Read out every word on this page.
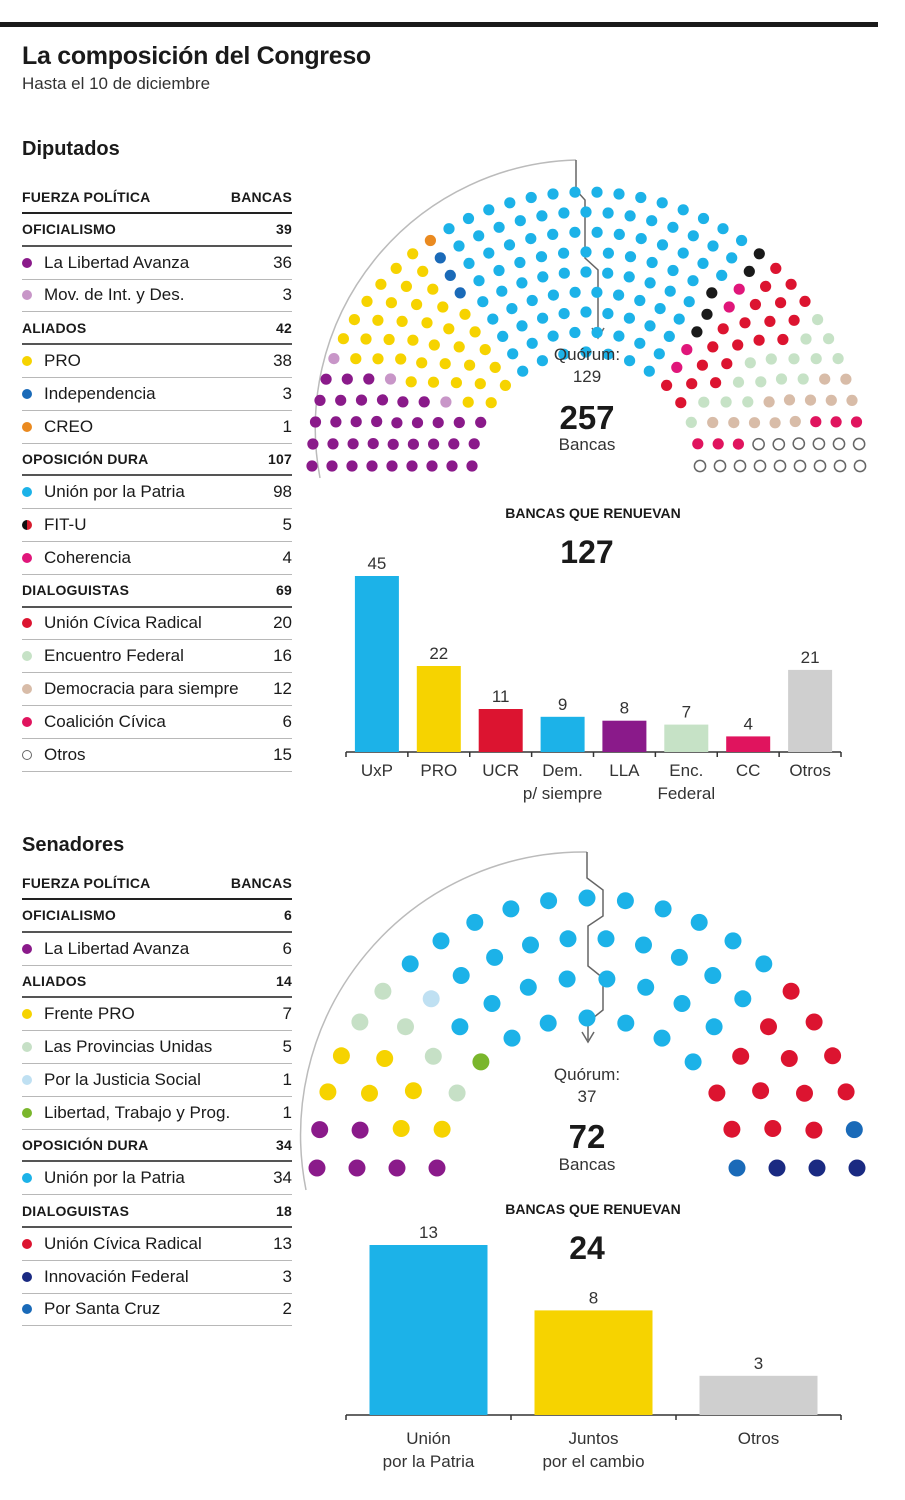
La composición del Congreso
Hasta el 10 de diciembre
Diputados
FUERZA POLÍTICA	BANCAS
OFICIALISMO	39
La Libertad Avanza	36
Mov. de Int. y Des.	3
ALIADOS	42
PRO	38
Independencia	3
CREO	1
OPOSICIÓN DURA	107
Unión por la Patria	98
FIT-U	5
Coherencia	4
DIALOGUISTAS	69
Unión Cívica Radical	20
Encuentro Federal	16
Democracia para siempre 12
Coalición Cívica	6
Otros	15
Senadores
FUERZA POLÍTICA	BANCAS
OFICIALISMO	6
La Libertad Avanza	6
ALIADOS	14
Frente PRO	7
Las Provincias Unidas	5
Por la Justicia Social	1
Libertad, Trabajo y Prog.	1
OPOSICIÓN DURA	34
Unión por la Patria	34
DIALOGUISTAS	18
Unión Cívica Radical	13
Innovación Federal	3
Por Santa Cruz	2
Quórum:
129
257
Bancas
BANCAS QUE RENUEVAN
127
45
UxP
22
PRO
11
UCR
9
Dem.
p/ siempre
8
LLA
7
Enc.
Federal
4
CC
21
Otros
Quórum:
37
72
Bancas
BANCAS QUE RENUEVAN
24
13
Unión
por la Patria
8
Juntos
por el cambio
3
Otros
